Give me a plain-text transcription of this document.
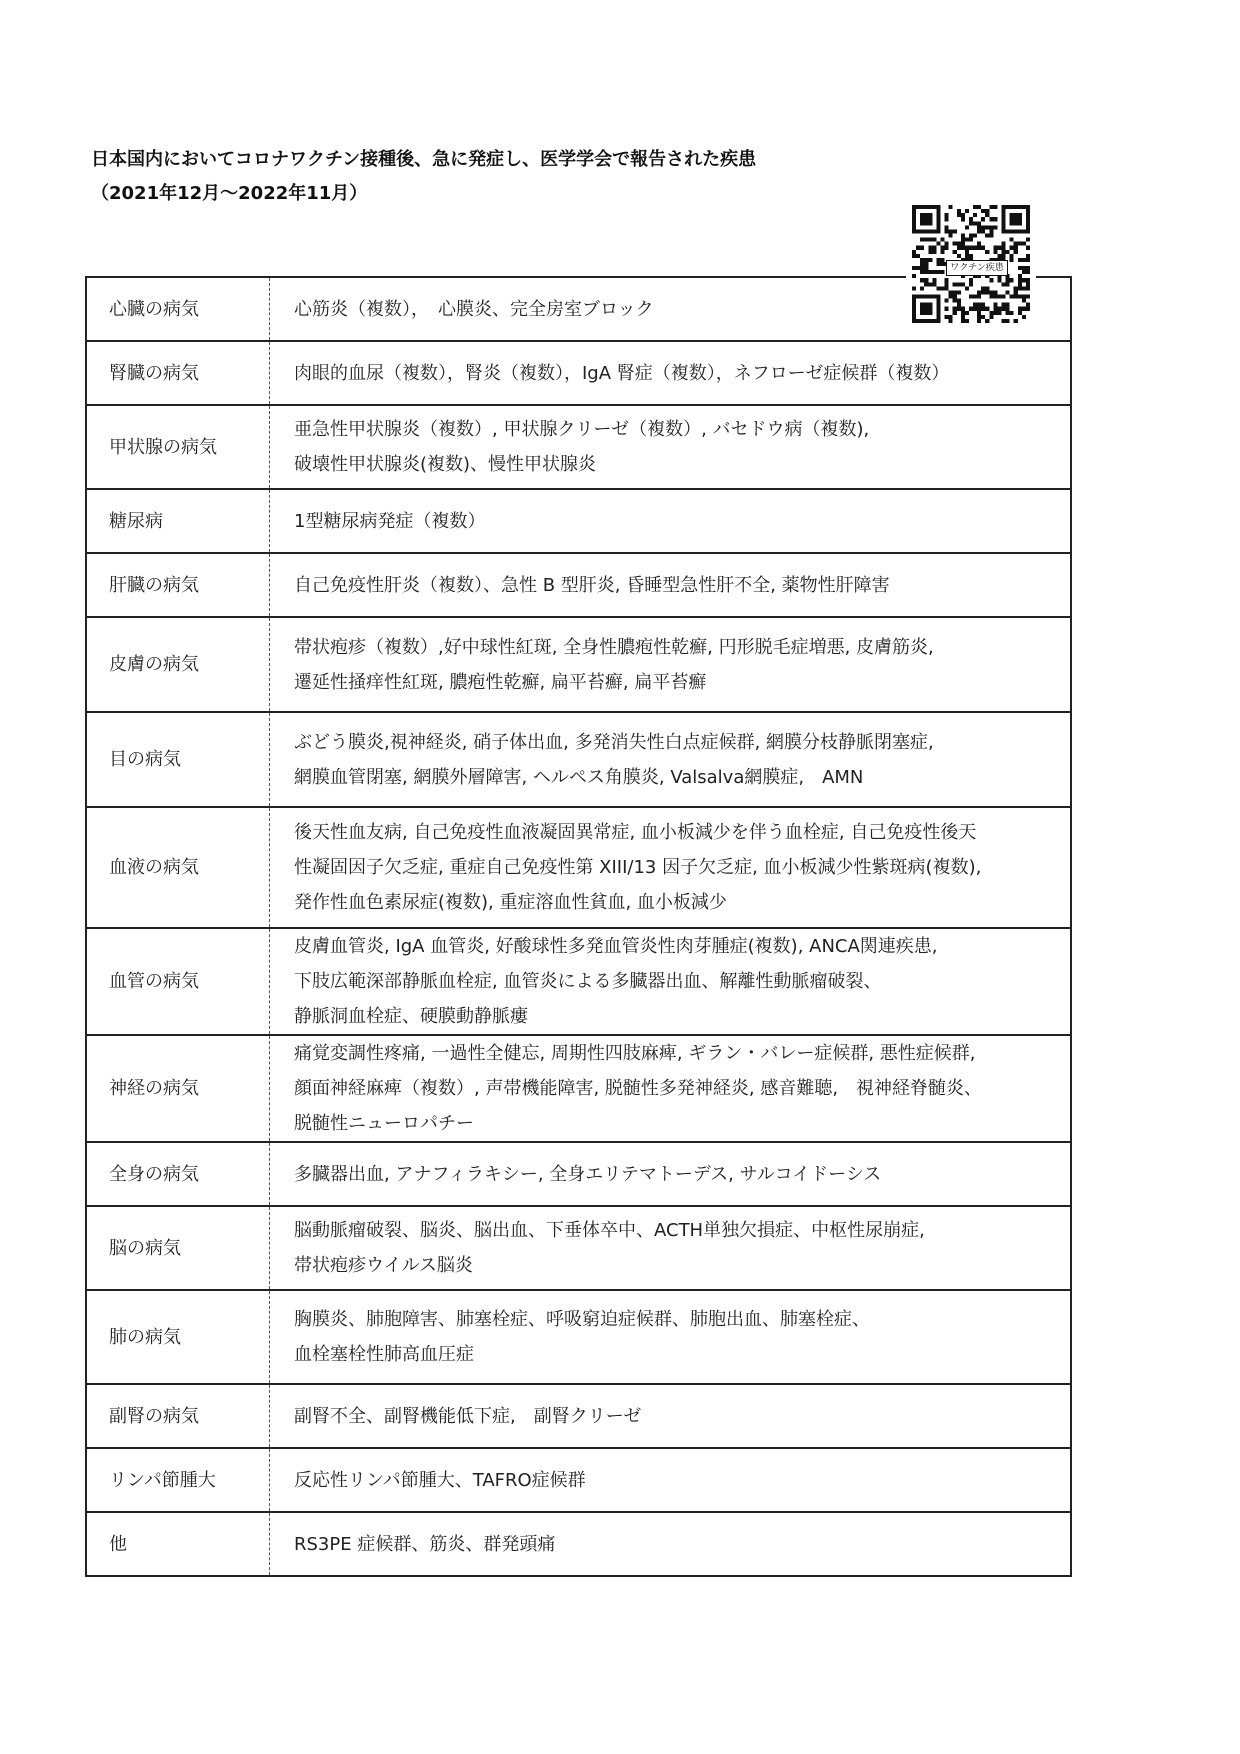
日本国内においてコロナワクチン接種後、急に発症し、医学学会で報告された疾患
（2021年12月～2022年11月）
ワクチン疾患
心臓の病気	心筋炎（複数），　心膜炎、完全房室ブロック

腎臓の病気	肉眼的血尿（複数），腎炎（複数），IgA 腎症（複数），ネフローゼ症候群（複数）

甲状腺の病気	亜急性甲状腺炎（複数）, 甲状腺クリーゼ（複数）, バセドウ病（複数),
破壊性甲状腺炎(複数)、慢性甲状腺炎

糖尿病	1型糖尿病発症（複数）

肝臓の病気	自己免疫性肝炎（複数）、急性 B 型肝炎, 昏睡型急性肝不全, 薬物性肝障害

皮膚の病気	帯状疱疹（複数）,好中球性紅斑, 全身性膿疱性乾癬, 円形脱毛症増悪, 皮膚筋炎,
遷延性掻痒性紅斑, 膿疱性乾癬, 扁平苔癬, 扁平苔癬

目の病気	ぶどう膜炎,視神経炎, 硝子体出血, 多発消失性白点症候群, 網膜分枝静脈閉塞症,
網膜血管閉塞, 網膜外層障害, ヘルペス角膜炎, Valsalva網膜症,　AMN

血液の病気	後天性血友病, 自己免疫性血液凝固異常症, 血小板減少を伴う血栓症, 自己免疫性後天
性凝固因子欠乏症, 重症自己免疫性第 XIII/13 因子欠乏症, 血小板減少性紫斑病(複数),
発作性血色素尿症(複数), 重症溶血性貧血, 血小板減少

血管の病気	皮膚血管炎, IgA 血管炎, 好酸球性多発血管炎性肉芽腫症(複数), ANCA関連疾患,
下肢広範深部静脈血栓症, 血管炎による多臓器出血、解離性動脈瘤破裂、
静脈洞血栓症、硬膜動静脈瘻

神経の病気	痛覚変調性疼痛, 一過性全健忘, 周期性四肢麻痺, ギラン・バレー症候群, 悪性症候群,
顔面神経麻痺（複数）, 声帯機能障害, 脱髄性多発神経炎, 感音難聴,　視神経脊髄炎、
脱髄性ニューロパチー

全身の病気	多臓器出血, アナフィラキシー, 全身エリテマトーデス, サルコイドーシス

脳の病気	脳動脈瘤破裂、脳炎、脳出血、下垂体卒中、ACTH単独欠損症、中枢性尿崩症,
帯状疱疹ウイルス脳炎

肺の病気	胸膜炎、肺胞障害、肺塞栓症、呼吸窮迫症候群、肺胞出血、肺塞栓症、
血栓塞栓性肺高血圧症

副腎の病気	副腎不全、副腎機能低下症,　副腎クリーゼ

リンパ節腫大	反応性リンパ節腫大、TAFRO症候群

他	RS3PE 症候群、筋炎、群発頭痛
